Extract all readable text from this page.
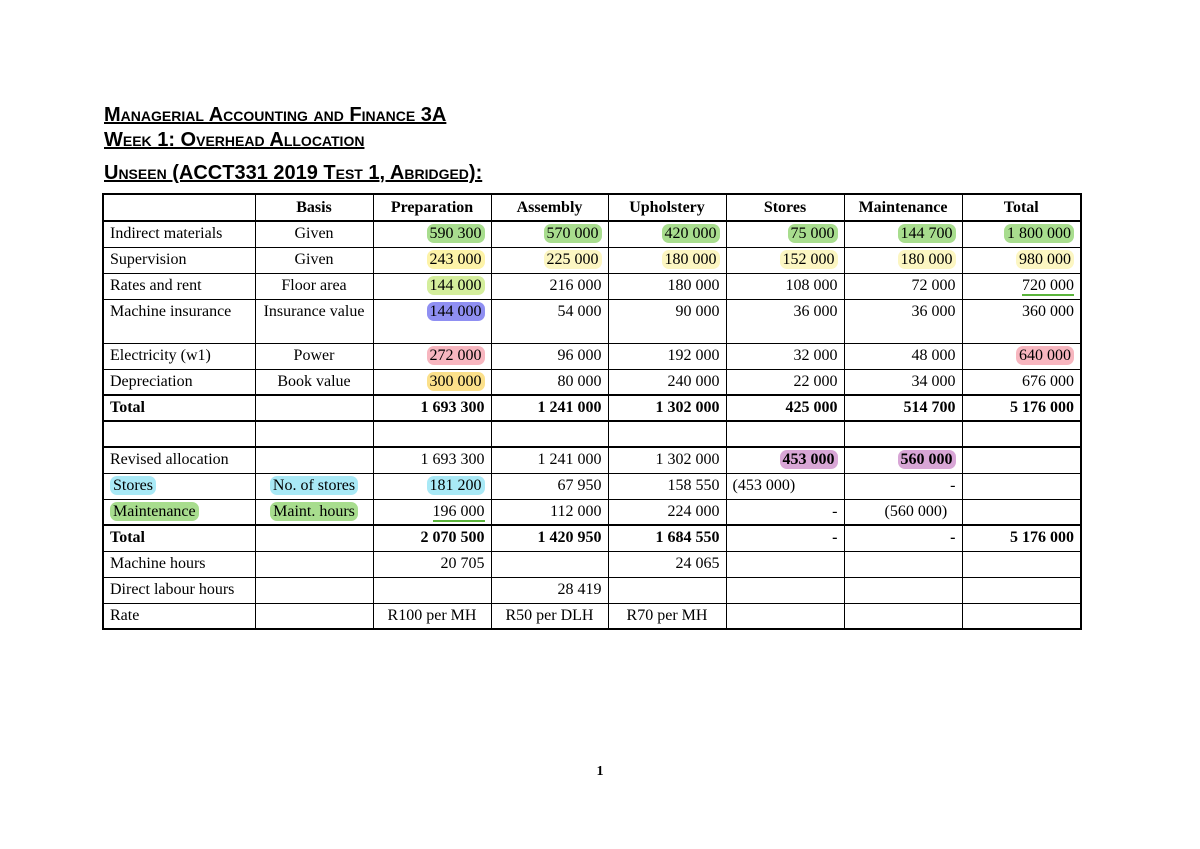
Managerial Accounting and Finance 3A
Week 1: Overhead Allocation
Unseen (ACCT331 2019 Test 1, Abridged):
	Basis	Preparation	Assembly	Upholstery	Stores	Maintenance	Total
Indirect materials	Given	590 300	570 000	420 000	75 000	144 700	1 800 000
Supervision	Given	243 000	225 000	180 000	152 000	180 000	980 000
Rates and rent	Floor area	144 000	216 000	180 000	108 000	72 000	720 000
Machine insurance	Insurance value	144 000	54 000	90 000	36 000	36 000	360 000
Electricity (w1)	Power	272 000	96 000	192 000	32 000	48 000	640 000
Depreciation	Book value	300 000	80 000	240 000	22 000	34 000	676 000
Total		1 693 300	1 241 000	1 302 000	425 000	514 700	5 176 000

Revised allocation		1 693 300	1 241 000	1 302 000	453 000	560 000	
Stores	No. of stores	181 200	67 950	158 550	(453 000)	-	
Maintenance	Maint. hours	196 000	112 000	224 000	-	(560 000)	
Total		2 070 500	1 420 950	1 684 550	-	-	5 176 000
Machine hours		20 705		24 065			
Direct labour hours			28 419				
Rate		R100 per MH	R50 per DLH	R70 per MH			
1
